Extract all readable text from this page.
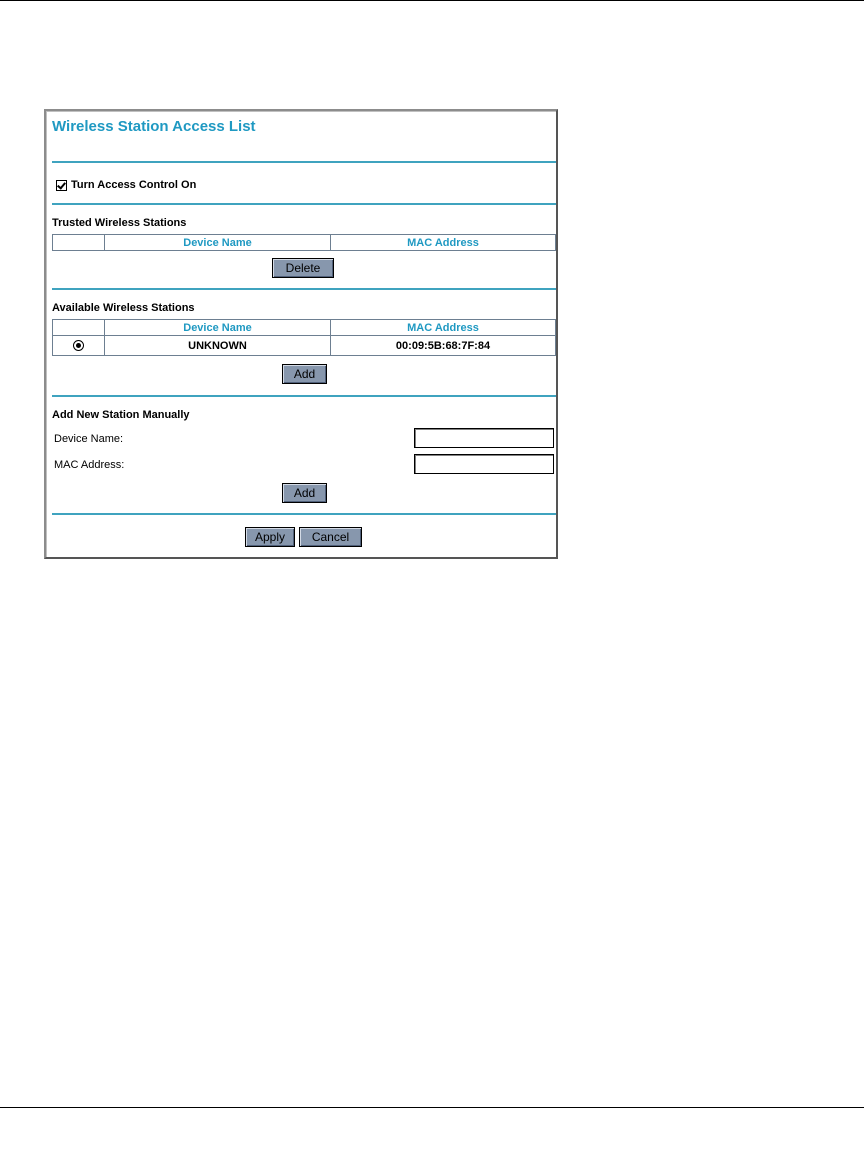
Wireless Station Access List
Turn Access Control On
Trusted Wireless Stations
	Device Name	MAC Address
Delete
Available Wireless Stations
	Device Name	MAC Address
	UNKNOWN	00:09:5B:68:7F:84
Add
Add New Station Manually
Device Name:
MAC Address:
Add
Apply	Cancel
